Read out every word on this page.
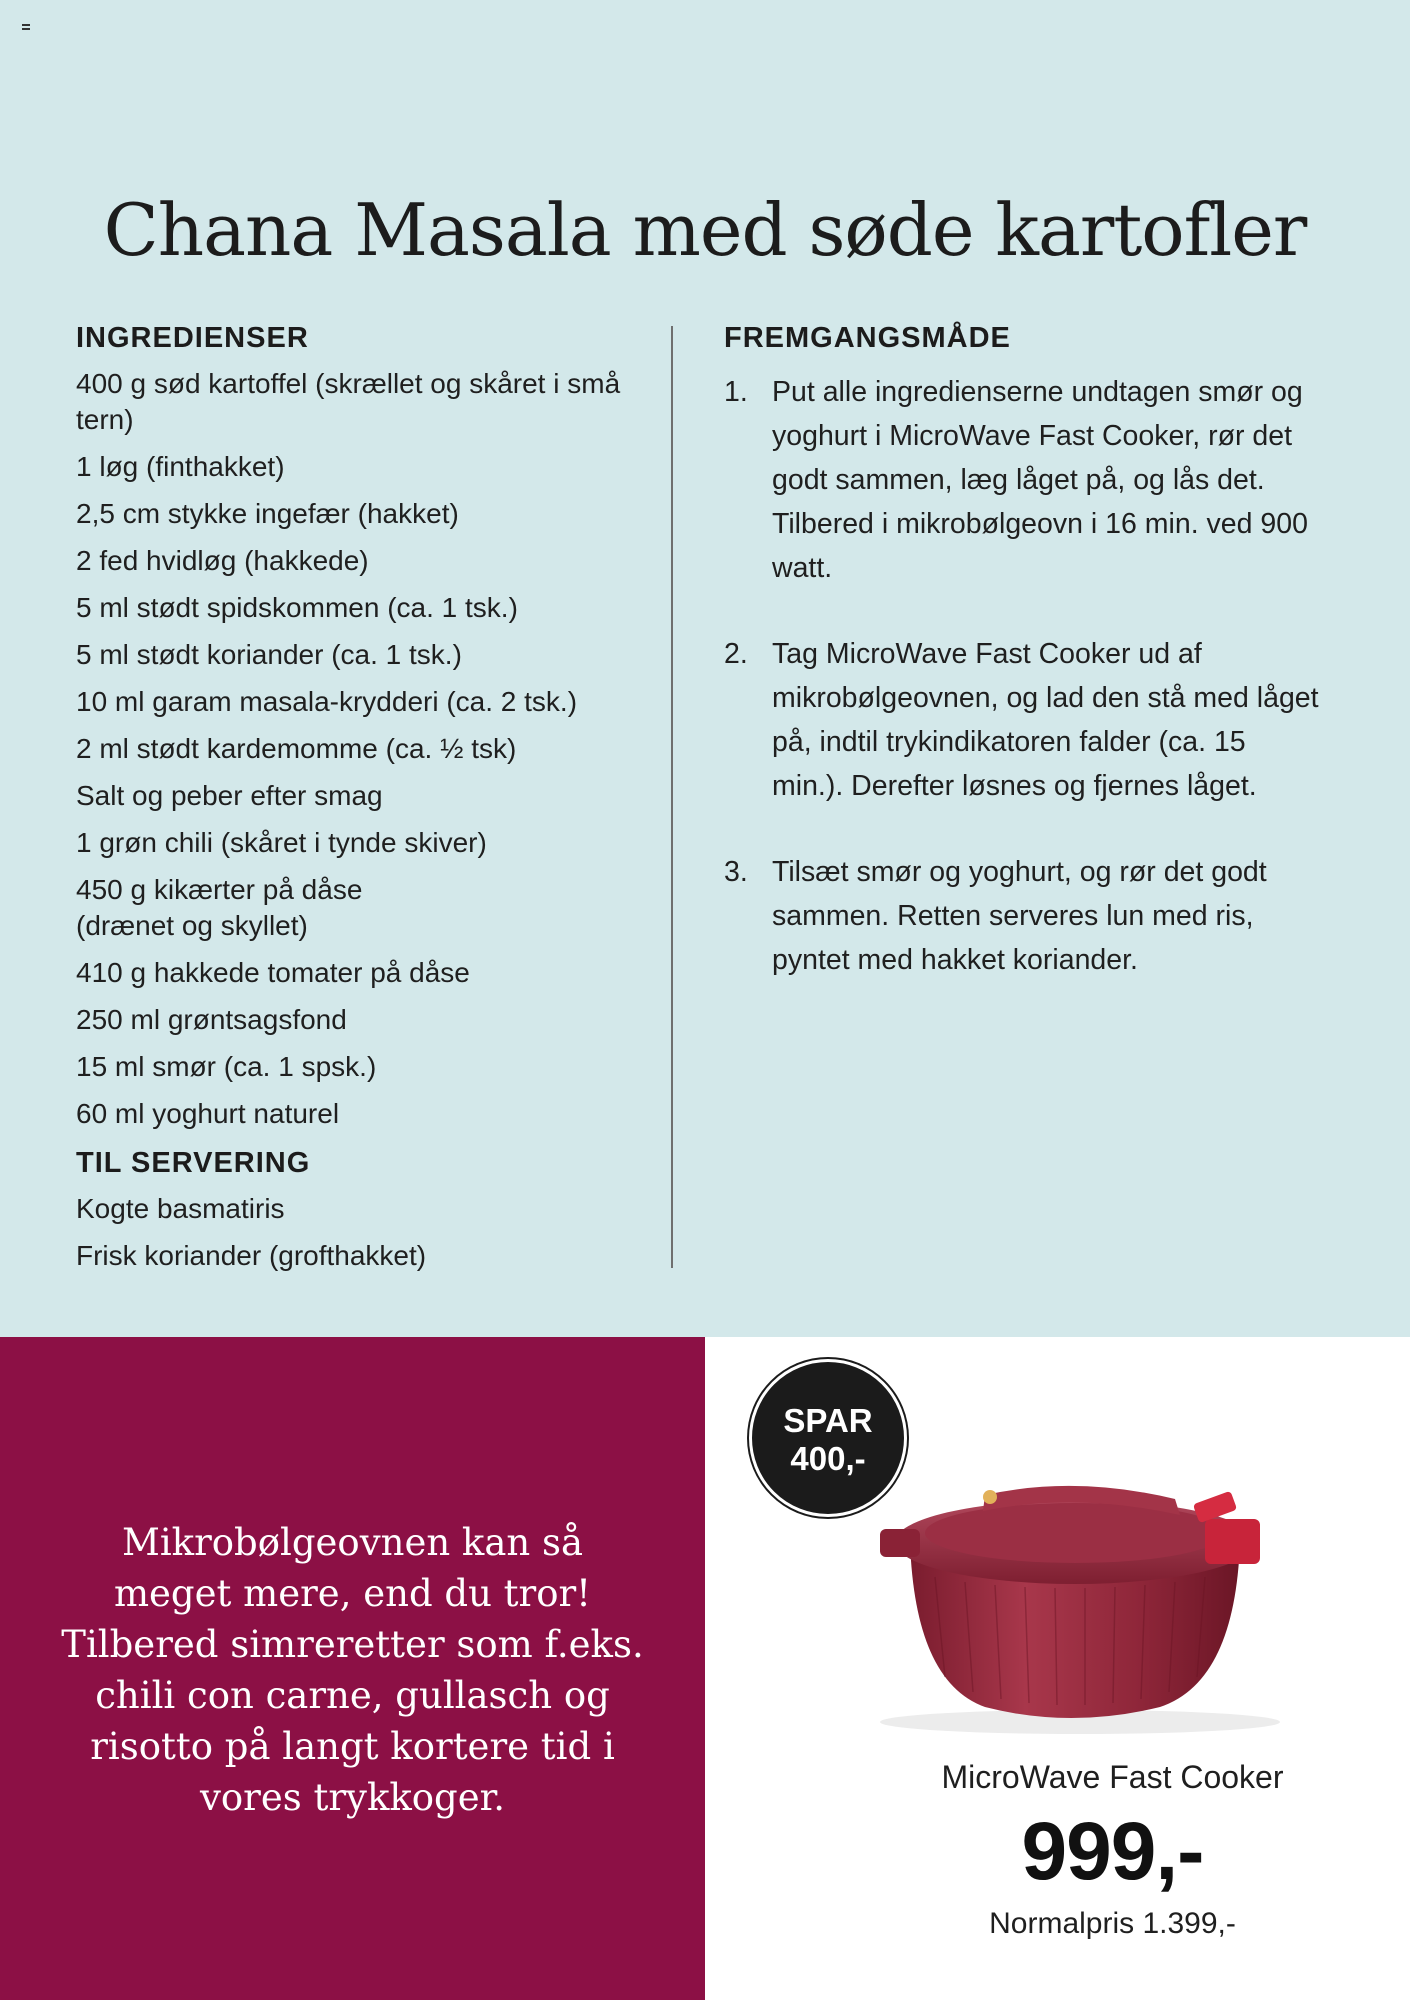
Chana Masala med søde kartofler
INGREDIENSER
400 g sød kartoffel (skrællet og skåret i små tern)
1 løg (finthakket)
2,5 cm stykke ingefær (hakket)
2 fed hvidløg (hakkede)
5 ml stødt spidskommen (ca. 1 tsk.)
5 ml stødt koriander (ca. 1 tsk.)
10 ml garam masala-krydderi (ca. 2 tsk.)
2 ml stødt kardemomme (ca. ½ tsk)
Salt og peber efter smag
1 grøn chili (skåret i tynde skiver)
450 g kikærter på dåse (drænet og skyllet)
410 g hakkede tomater på dåse
250 ml grøntsagsfond
15 ml smør (ca. 1 spsk.)
60 ml yoghurt naturel
TIL SERVERING
Kogte basmatiris
Frisk koriander (grofthakket)
FREMGANGSMÅDE
1. Put alle ingredienserne undtagen smør og yoghurt i MicroWave Fast Cooker, rør det godt sammen, læg låget på, og lås det. Tilbered i mikrobølgeovn i 16 min. ved 900 watt.
2. Tag MicroWave Fast Cooker ud af mikrobølgeovnen, og lad den stå med låget på, indtil trykindikatoren falder (ca. 15 min.). Derefter løsnes og fjernes låget.
3. Tilsæt smør og yoghurt, og rør det godt sammen. Retten serveres lun med ris, pyntet med hakket koriander.
Mikrobølgeovnen kan så meget mere, end du tror! Tilbered simreretter som f.eks. chili con carne, gullasch og risotto på langt kortere tid i vores trykkoger.
SPAR
400,-
MicroWave Fast Cooker
999,-
Normalpris 1.399,-
